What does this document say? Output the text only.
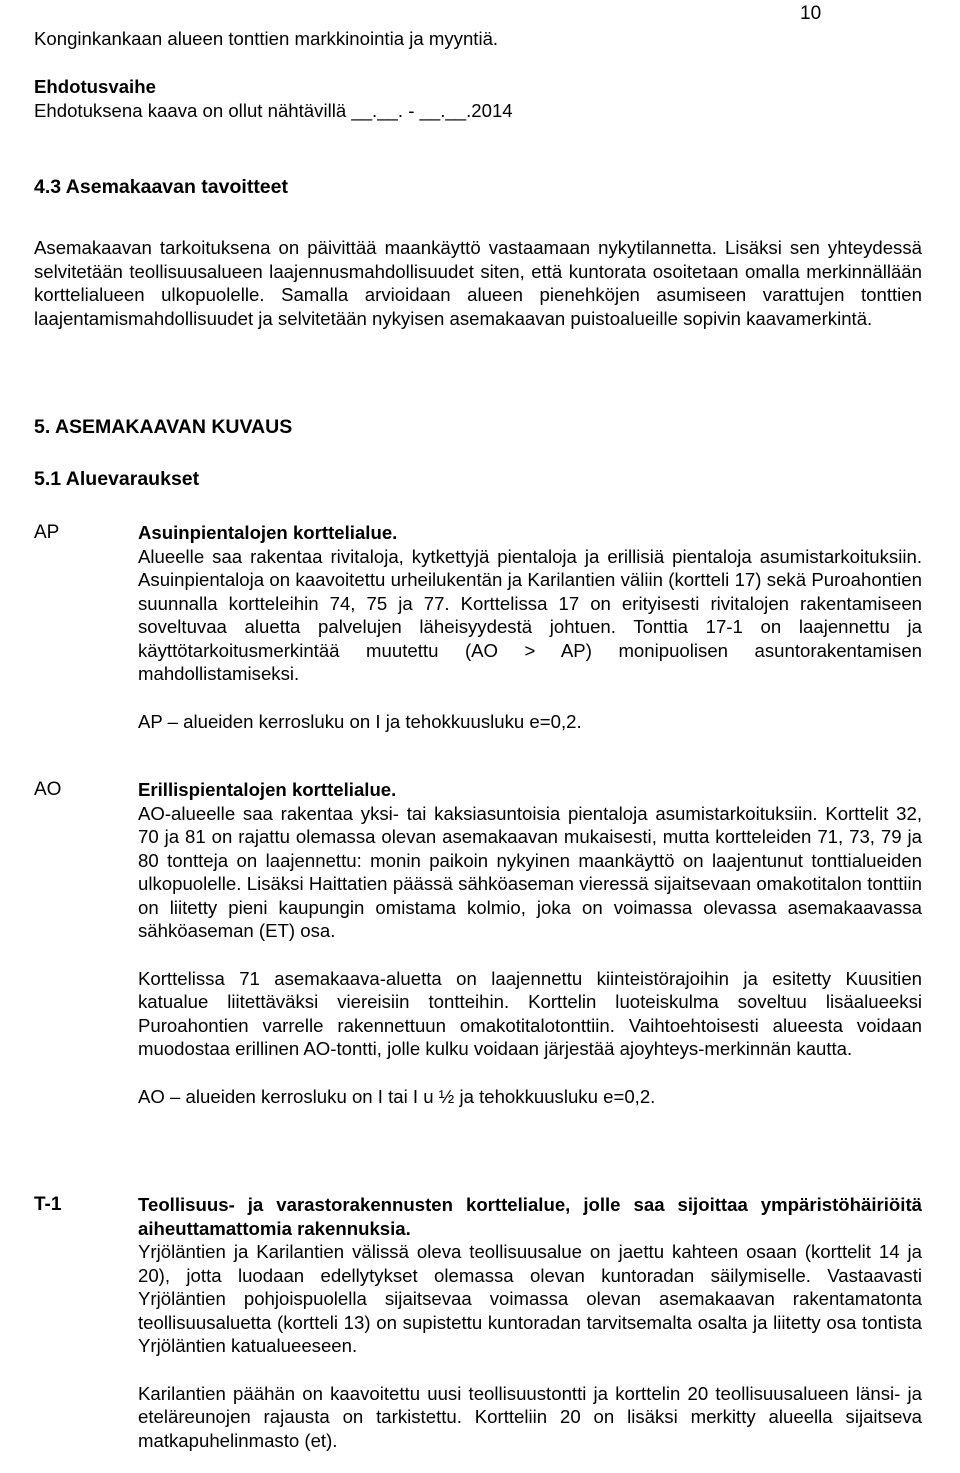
10
Konginkankaan alueen tonttien markkinointia ja myyntiä.
Ehdotusvaihe
Ehdotuksena kaava on ollut nähtävillä __.__. - __.__.2014
4.3 Asemakaavan tavoitteet

Asemakaavan tarkoituksena on päivittää maankäyttö vastaamaan nykytilannetta. Lisäksi sen yhteydessä selvitetään teollisuusalueen laajennusmahdollisuudet siten, että kuntorata osoitetaan omalla merkinnällään korttelialueen ulkopuolelle. Samalla arvioidaan alueen pienehköjen asumiseen varattujen tonttien laajentamismahdollisuudet ja selvitetään nykyisen asemakaavan puistoalueille sopivin kaavamerkintä.

5. ASEMAKAAVAN KUVAUS
5.1 Aluevaraukset
AP	Asuinpientalojen korttelialue.

Alueelle saa rakentaa rivitaloja, kytkettyjä pientaloja ja erillisiä pientaloja asumistarkoituksiin. Asuinpientaloja on kaavoitettu urheilukentän ja Karilantien väliin (kortteli 17) sekä Puroahontien suunnalla kortteleihin 74, 75 ja 77. Korttelissa 17 on erityisesti rivitalojen rakentamiseen soveltuvaa aluetta palvelujen läheisyydestä johtuen. Tonttia 17-1 on laajennettu ja käyttötarkoitusmerkintää muutettu (AO > AP) monipuolisen asuntorakentamisen mahdollistamiseksi.

AP – alueiden kerrosluku on I ja tehokkuusluku e=0,2.

AO	Erillispientalojen korttelialue.

AO-alueelle saa rakentaa yksi- tai kaksiasuntoisia pientaloja asumistarkoituksiin. Korttelit 32, 70 ja 81 on rajattu olemassa olevan asemakaavan mukaisesti, mutta kortteleiden 71, 73, 79 ja 80 tontteja on laajennettu: monin paikoin nykyinen maankäyttö on laajentunut tonttialueiden ulkopuolelle. Lisäksi Haittatien päässä sähköaseman vieressä sijaitsevaan omakotitalon tonttiin on liitetty pieni kaupungin omistama kolmio, joka on voimassa olevassa asemakaavassa sähköaseman (ET) osa.

Korttelissa 71 asemakaava-aluetta on laajennettu kiinteistörajoihin ja esitetty Kuusitien katualue liitettäväksi viereisiin tontteihin. Korttelin luoteiskulma soveltuu lisäalueeksi Puroahontien varrelle rakennettuun omakotitalotonttiin. Vaihtoehtoisesti alueesta voidaan muodostaa erillinen AO-tontti, jolle kulku voidaan järjestää ajoyhteys-merkinnän kautta.

AO – alueiden kerrosluku on I tai I u ½ ja tehokkuusluku e=0,2.

T-1	Teollisuus- ja varastorakennusten korttelialue, jolle saa sijoittaa ympäristöhäiriöitä aiheuttamattomia rakennuksia.

Yrjöläntien ja Karilantien välissä oleva teollisuusalue on jaettu kahteen osaan (korttelit 14 ja 20), jotta luodaan edellytykset olemassa olevan kuntoradan säilymiselle. Vastaavasti Yrjöläntien pohjoispuolella sijaitsevaa voimassa olevan asemakaavan rakentamatonta teollisuusaluetta (kortteli 13) on supistettu kuntoradan tarvitsemalta osalta ja liitetty osa tontista Yrjöläntien katualueeseen.

Karilantien päähän on kaavoitettu uusi teollisuustontti ja korttelin 20 teollisuusalueen länsi- ja eteläreunojen rajausta on tarkistettu. Kortteliin 20 on lisäksi merkitty alueella sijaitseva matkapuhelinmasto (et).
